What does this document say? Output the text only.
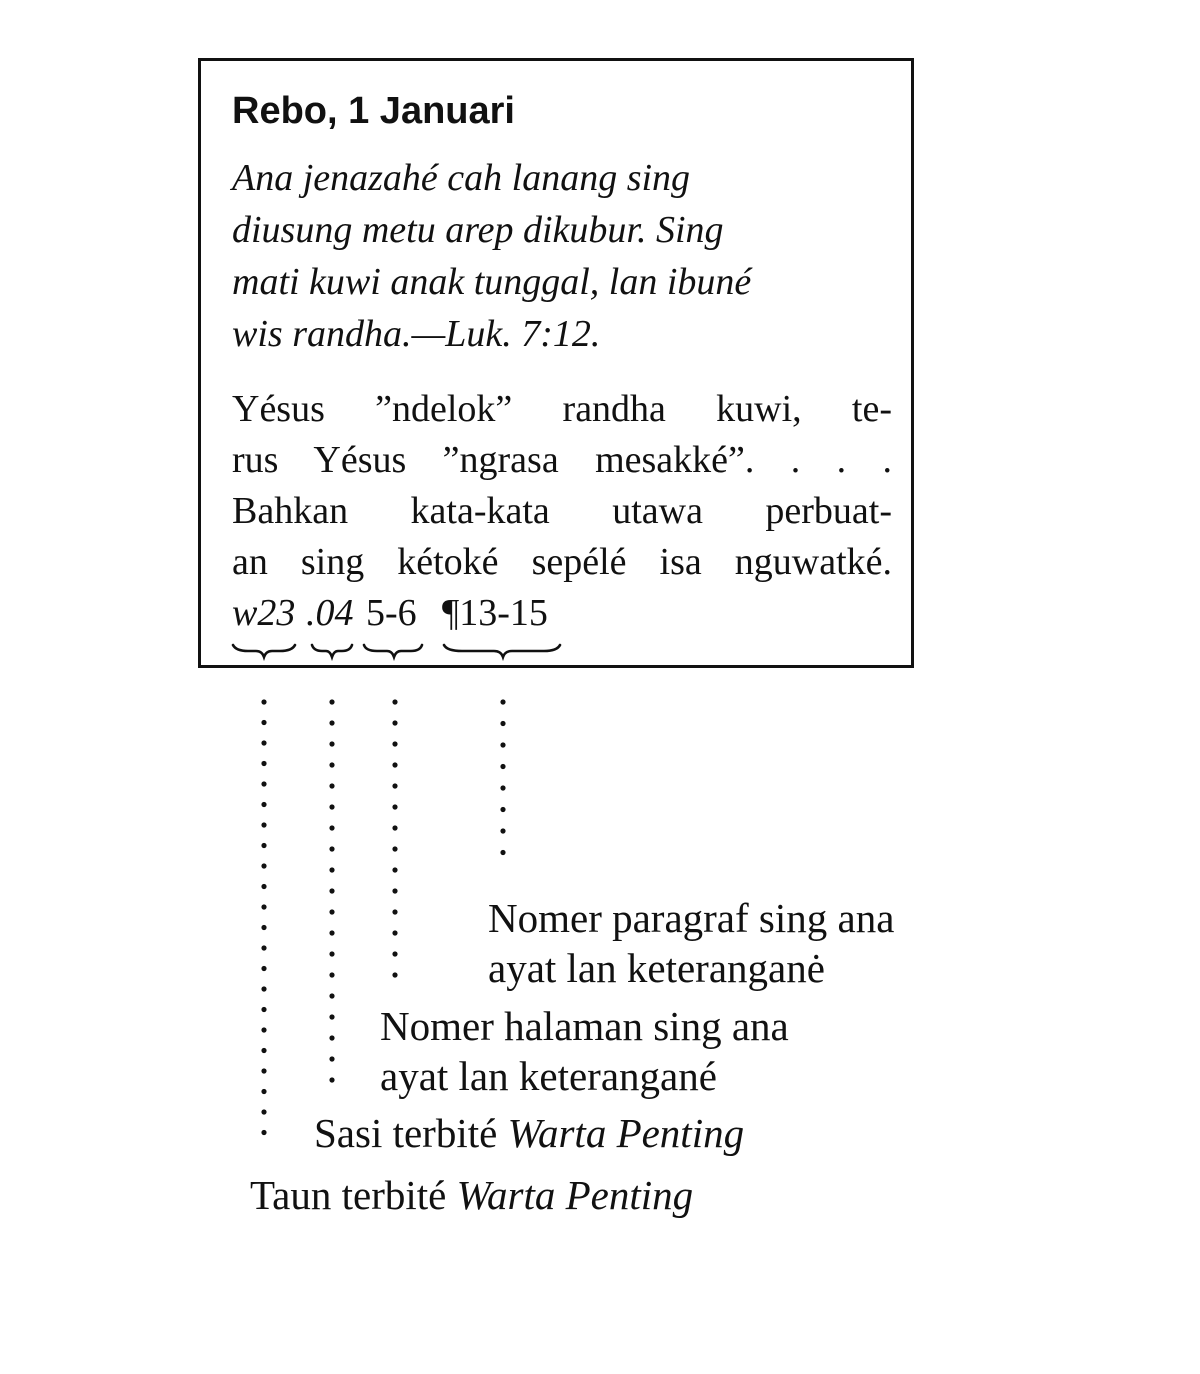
Rebo, 1 Januari
Ana jenazahé cah lanang sing
diusung metu arep dikubur. Sing
mati kuwi anak tunggal, lan ibuné
wis randha.—Luk. 7:12.
Yésus ”ndelok” randha kuwi, te-
rus Yésus ”ngrasa mesakké”. . . .
Bahkan kata-kata utawa perbuat-
an sing kétoké sepélé isa nguwatké.
w23 .04 5-6 ¶13-15
Nomer paragraf sing ana
ayat lan keteranganė
Nomer halaman sing ana
ayat lan keterangané
Sasi terbité Warta Penting
Taun terbité Warta Penting
